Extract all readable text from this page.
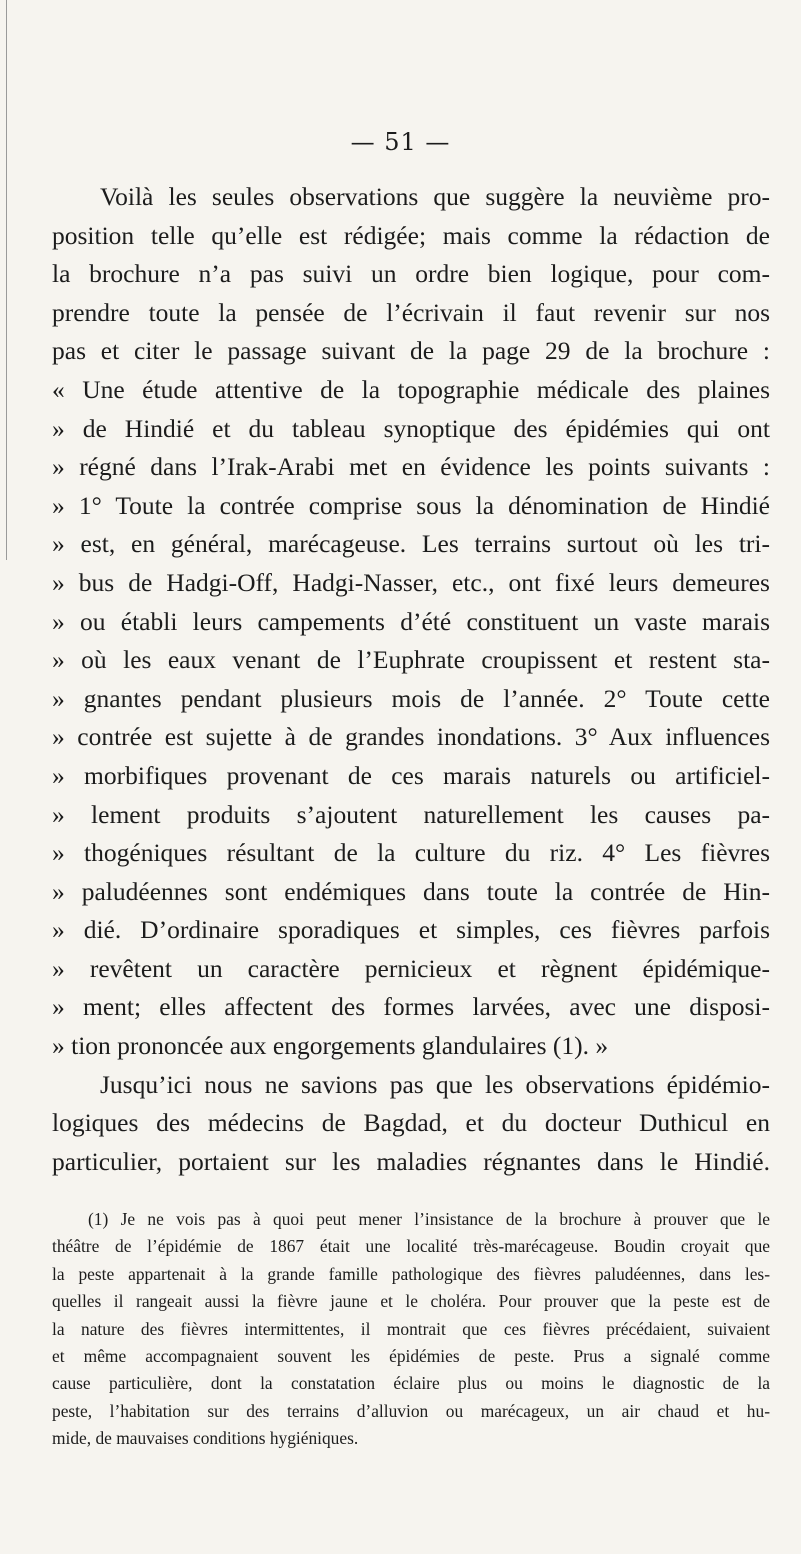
— 51 —
Voilà les seules observations que suggère la neuvième pro-
position telle qu’elle est rédigée; mais comme la rédaction de
la brochure n’a pas suivi un ordre bien logique, pour com-
prendre toute la pensée de l’écrivain il faut revenir sur nos
pas et citer le passage suivant de la page 29 de la brochure :
« Une étude attentive de la topographie médicale des plaines
» de Hindié et du tableau synoptique des épidémies qui ont
» régné dans l’Irak-Arabi met en évidence les points suivants :
» 1° Toute la contrée comprise sous la dénomination de Hindié
» est, en général, marécageuse. Les terrains surtout où les tri-
» bus de Hadgi-Off, Hadgi-Nasser, etc., ont fixé leurs demeures
» ou établi leurs campements d’été constituent un vaste marais
» où les eaux venant de l’Euphrate croupissent et restent sta-
» gnantes pendant plusieurs mois de l’année. 2° Toute cette
» contrée est sujette à de grandes inondations. 3° Aux influences
» morbifiques provenant de ces marais naturels ou artificiel-
» lement produits s’ajoutent naturellement les causes pa-
» thogéniques résultant de la culture du riz. 4° Les fièvres
» paludéennes sont endémiques dans toute la contrée de Hin-
» dié. D’ordinaire sporadiques et simples, ces fièvres parfois
» revêtent un caractère pernicieux et règnent épidémique-
» ment; elles affectent des formes larvées, avec une disposi-
» tion prononcée aux engorgements glandulaires (1). »
Jusqu’ici nous ne savions pas que les observations épidémio-
logiques des médecins de Bagdad, et du docteur Duthicul en
particulier, portaient sur les maladies régnantes dans le Hindié.
(1) Je ne vois pas à quoi peut mener l’insistance de la brochure à prouver que le
théâtre de l’épidémie de 1867 était une localité très-marécageuse. Boudin croyait que
la peste appartenait à la grande famille pathologique des fièvres paludéennes, dans les-
quelles il rangeait aussi la fièvre jaune et le choléra. Pour prouver que la peste est de
la nature des fièvres intermittentes, il montrait que ces fièvres précédaient, suivaient
et même accompagnaient souvent les épidémies de peste. Prus a signalé comme
cause particulière, dont la constatation éclaire plus ou moins le diagnostic de la
peste, l’habitation sur des terrains d’alluvion ou marécageux, un air chaud et hu-
mide, de mauvaises conditions hygiéniques.
